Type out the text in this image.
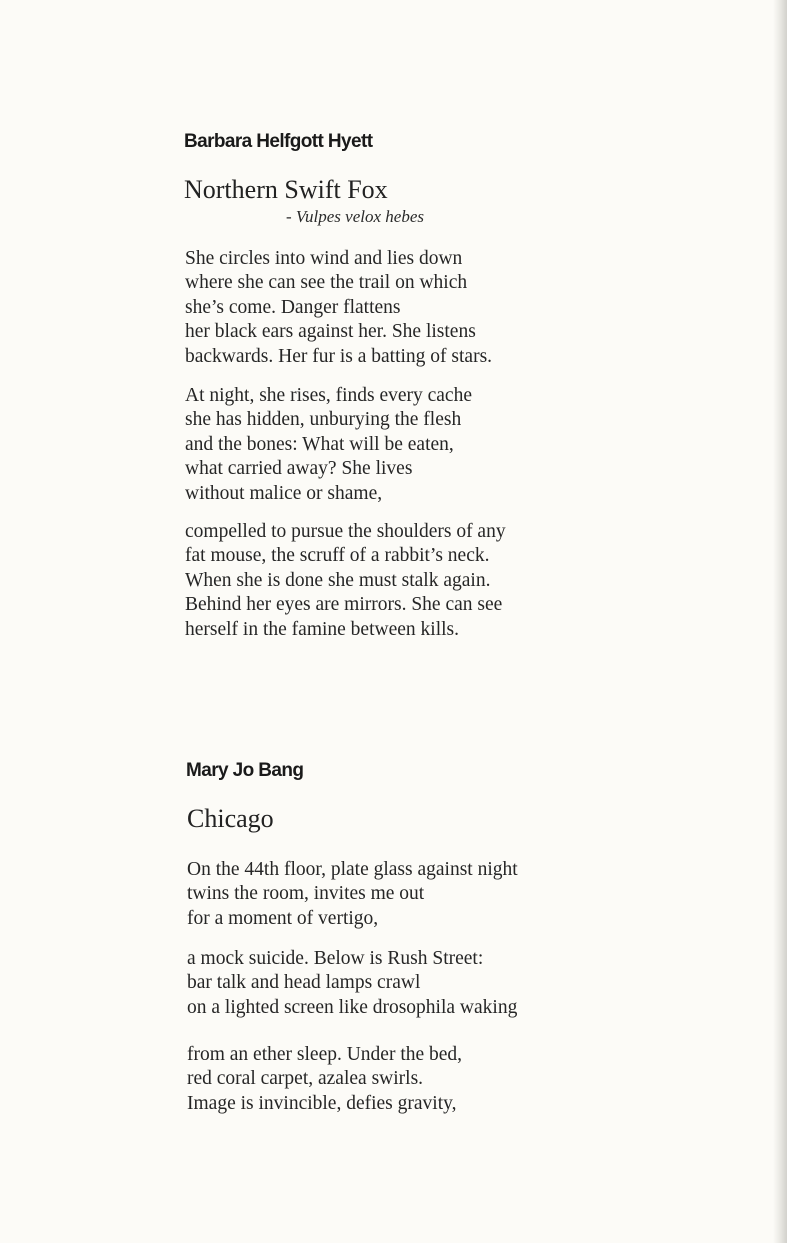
Barbara Helfgott Hyett
Northern Swift Fox
- Vulpes velox hebes
She circles into wind and lies down
where she can see the trail on which
she’s come. Danger flattens
her black ears against her. She listens
backwards. Her fur is a batting of stars.
At night, she rises, finds every cache
she has hidden, unburying the flesh
and the bones: What will be eaten,
what carried away? She lives
without malice or shame,
compelled to pursue the shoulders of any
fat mouse, the scruff of a rabbit’s neck.
When she is done she must stalk again.
Behind her eyes are mirrors. She can see
herself in the famine between kills.
Mary Jo Bang
Chicago
On the 44th floor, plate glass against night
twins the room, invites me out
for a moment of vertigo,
a mock suicide. Below is Rush Street:
bar talk and head lamps crawl
on a lighted screen like drosophila waking
from an ether sleep. Under the bed,
red coral carpet, azalea swirls.
Image is invincible, defies gravity,
